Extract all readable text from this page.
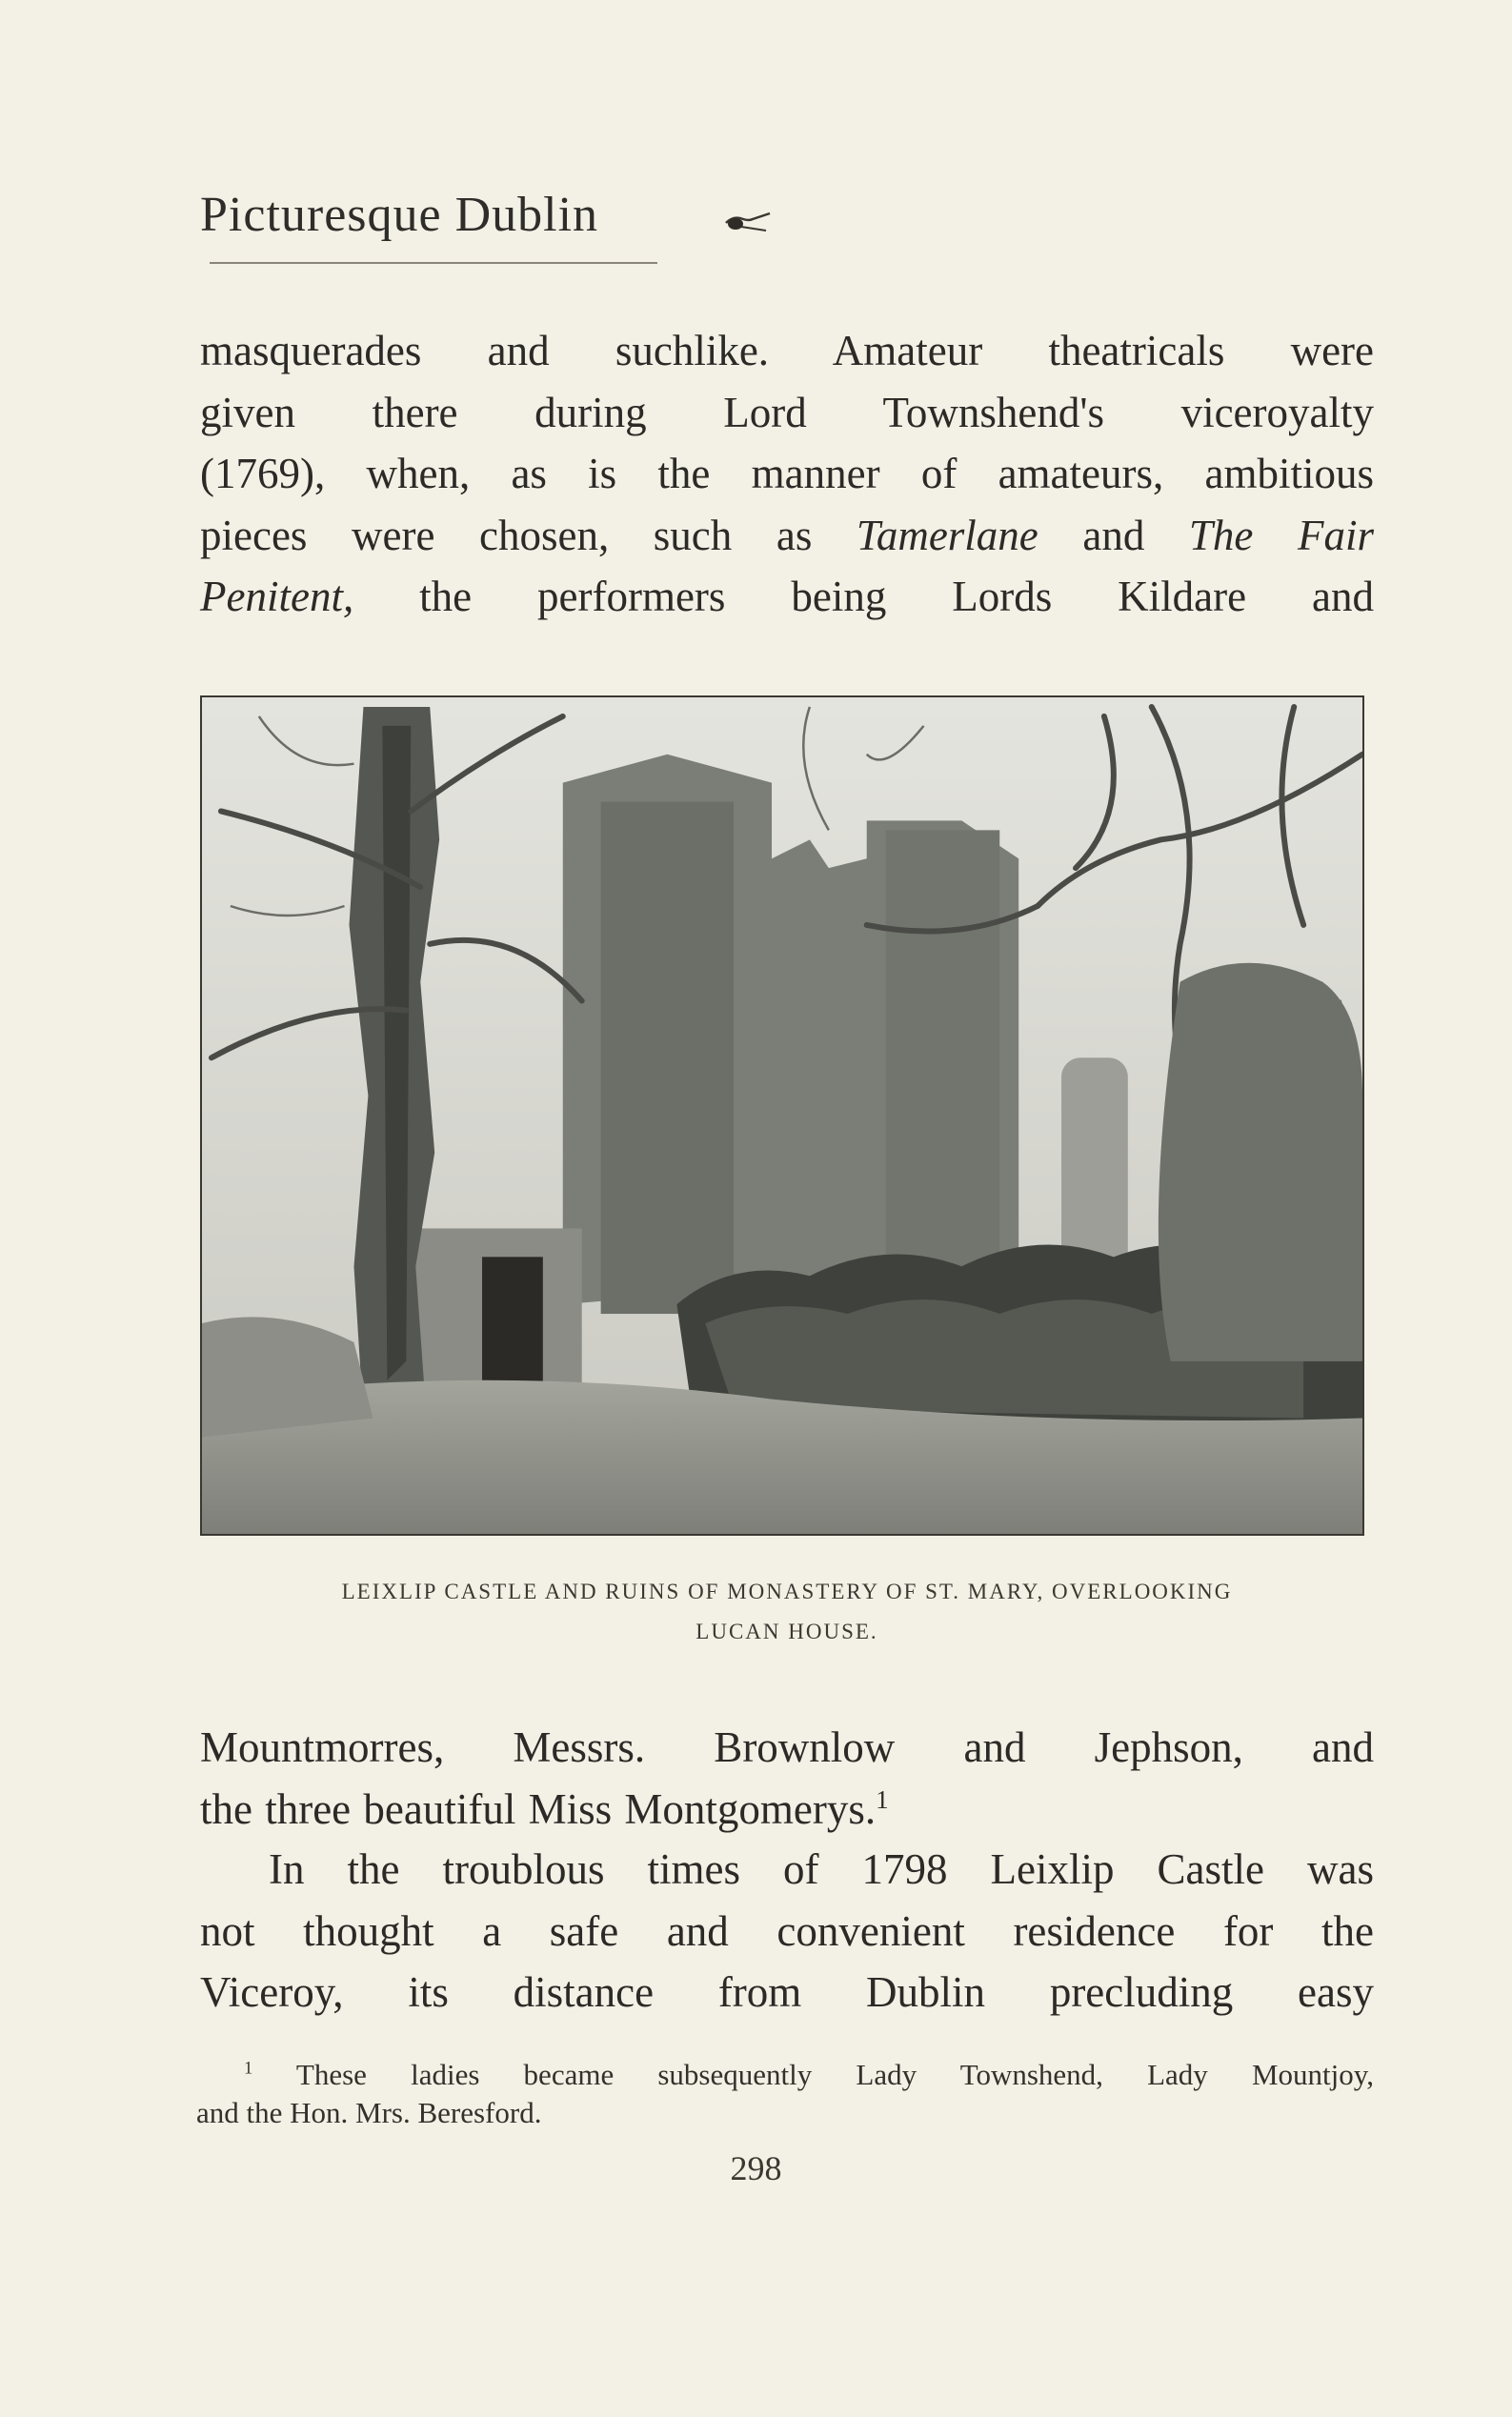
Picturesque Dublin

masquerades and suchlike. Amateur theatricals were

given there during Lord Townshend's viceroyalty

(1769), when, as is the manner of amateurs, ambitious

pieces were chosen, such as Tamerlane and The Fair

Penitent, the performers being Lords Kildare and

LEIXLIP CASTLE AND RUINS OF MONASTERY OF ST. MARY, OVERLOOKING
LUCAN HOUSE.

Mountmorres, Messrs. Brownlow and Jephson, and

the three beautiful Miss Montgomerys.$^1$

In the troublous times of 1798 Leixlip Castle was

not thought a safe and convenient residence for the

Viceroy, its distance from Dublin precluding easy

$^1$ These ladies became subsequently Lady Townshend, Lady Mountjoy,

and the Hon. Mrs. Beresford.

298
